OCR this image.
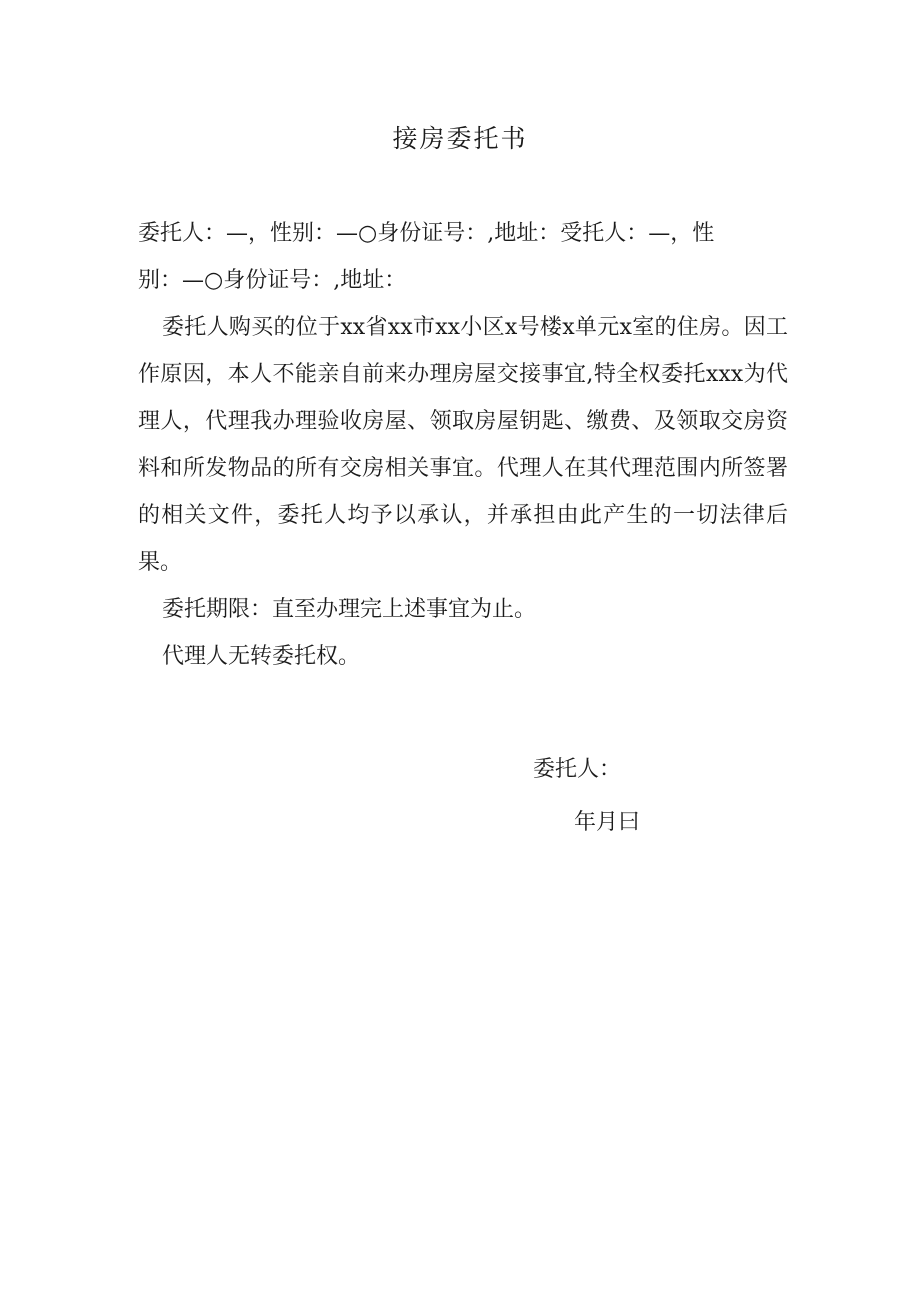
接房委托书

委托人：—，性别：—○身份证号：,地址：受托人：—，性

别：—○身份证号：,地址：

委托人购买的位于xx省xx市xx小区x号楼x单元x室的住房。因工作原因，本人不能亲自前来办理房屋交接事宜,特全权委托xxx为代理人，代理我办理验收房屋、领取房屋钥匙、缴费、及领取交房资料和所发物品的所有交房相关事宜。代理人在其代理范围内所签署的相关文件，委托人均予以承认，并承担由此产生的一切法律后果。

委托期限：直至办理完上述事宜为止。

代理人无转委托权。

委托人：
年月曰
